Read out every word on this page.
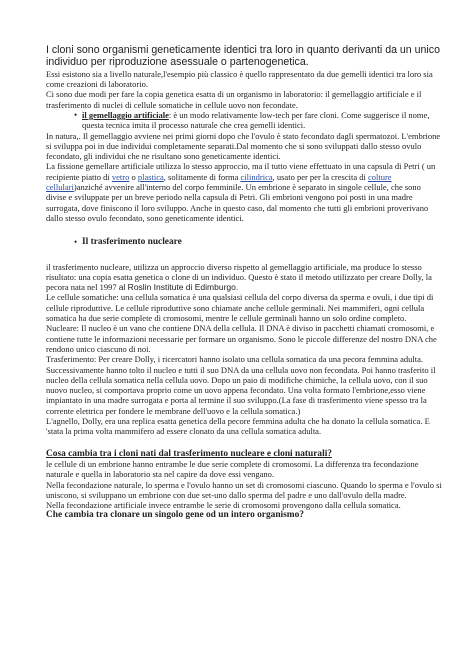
I cloni sono organismi geneticamente identici tra loro in quanto derivanti da un unico individuo per riproduzione asessuale o partenogenetica.

Essi esistono sia a livello naturale,l'esempio più classico è quello rappresentato da due gemelli identici tra loro sia come creazioni di laboratorio.

Ci sono due modi per fare la copia genetica esatta di un organismo in laboratorio: il gemellaggio artificiale e il trasferimento di nuclei di cellule somatiche in cellule uovo non fecondate.

• il gemellaggio artificiale: è un modo relativamente low-tech per fare cloni. Come suggerisce il nome, questa tecnica imita il processo naturale che crea gemelli identici.

In natura,. Il gemellaggio avviene nei primi giorni dopo che l'ovulo è stato fecondato dagli spermatozoi. L'embrione si sviluppa poi in due individui completamente separati.Dal momento che si sono sviluppati dallo stesso ovulo fecondato, gli individui che ne risultano sono geneticamente identici.

La fissione gemellare artificiale utilizza lo stesso approccio, ma il tutto viene effettuato in una capsula di Petri ( un recipiente piatto di vetro o plastica, solitamente di forma cilindrica, usato per per la crescita di colture cellulari)anziché avvenire all'interno del corpo femminile. Un embrione è separato in singole cellule, che sono divise e sviluppate per un breve periodo nella capsula di Petri. Gli embrioni vengono poi posti in una madre surrogata, dove finiscono il loro sviluppo. Anche in questo caso, dal momento che tutti gli embrioni proverivano dallo stesso ovulo fecondato, sono geneticamente identici.

• Il trasferimento nucleare

il trasferimento nucleare, utilizza un approccio diverso rispetto al gemellaggio artificiale, ma produce lo stesso risultato: una copia esatta genetica o clone di un individuo. Questo è stato il metodo utilizzato per creare Dolly, la pecora nata nel 1997 al Roslin Institute di Edimburgo.

Le cellule somatiche: una cellula somatica è una qualsiasi cellula del corpo diversa da sperma e ovuli, i due tipi di cellule riproduttive. Le cellule riproduttive sono chiamate anche cellule germinali. Nei mammiferi, ogni cellula somatica ha due serie complete di cromosomi, mentre le cellule germinali hanno un solo ordine completo.

Nucleare: Il nucleo è un vano che contiene DNA della cellula. Il DNA è diviso in pacchetti chiamati cromosomi, e contiene tutte le informazioni necessarie per formare un organismo. Sono le piccole differenze del nostro DNA che rendono unico ciascuno di noi.

Trasferimento: Per creare Dolly, i ricercatori hanno isolato una cellula somatica da una pecora femmina adulta. Successivamente hanno tolto il nucleo e tutti il suo DNA da una cellula uovo non fecondata. Poi hanno trasferito il nucleo della cellula somatica nella cellula uovo. Dopo un paio di modifiche chimiche, la cellula uovo, con il suo nuovo nucleo, si comportava proprio come un uovo appena fecondato. Una volta formato l'embrione,esso viene impiantato in una madre surrogata e porta al termine il suo sviluppo.(La fase di trasferimento viene spesso tra la corrente elettrica per fondere le membrane dell'uovo e la cellula somatica.)

L'agnello, Dolly, era una replica esatta genetica della pecore femmina adulta che ha donato la cellula somatica. E 'stata la prima volta mammifero ad essere clonato da una cellula somatica adulta.

Cosa cambia tra i cloni nati dal trasferimento nucleare e cloni naturali?

le cellule di un embrione hanno entrambe le due serie complete di cromosomi. La differenza tra fecondazione naturale e quella in laboratorio sta nel capire da dove essi vengano.

Nella fecondazione naturale, lo sperma e l'ovulo hanno un set di cromosomi ciascuno. Quando lo sperma e l'ovulo si uniscono, si sviluppano un embrione con due set-uno dallo sperma del padre e uno dall'ovulo della madre.

Nella fecondazione artificiale invece entrambe le serie di cromosomi provengono dalla cellula somatica.

Che cambia tra clonare un singolo gene od un intero organismo?
